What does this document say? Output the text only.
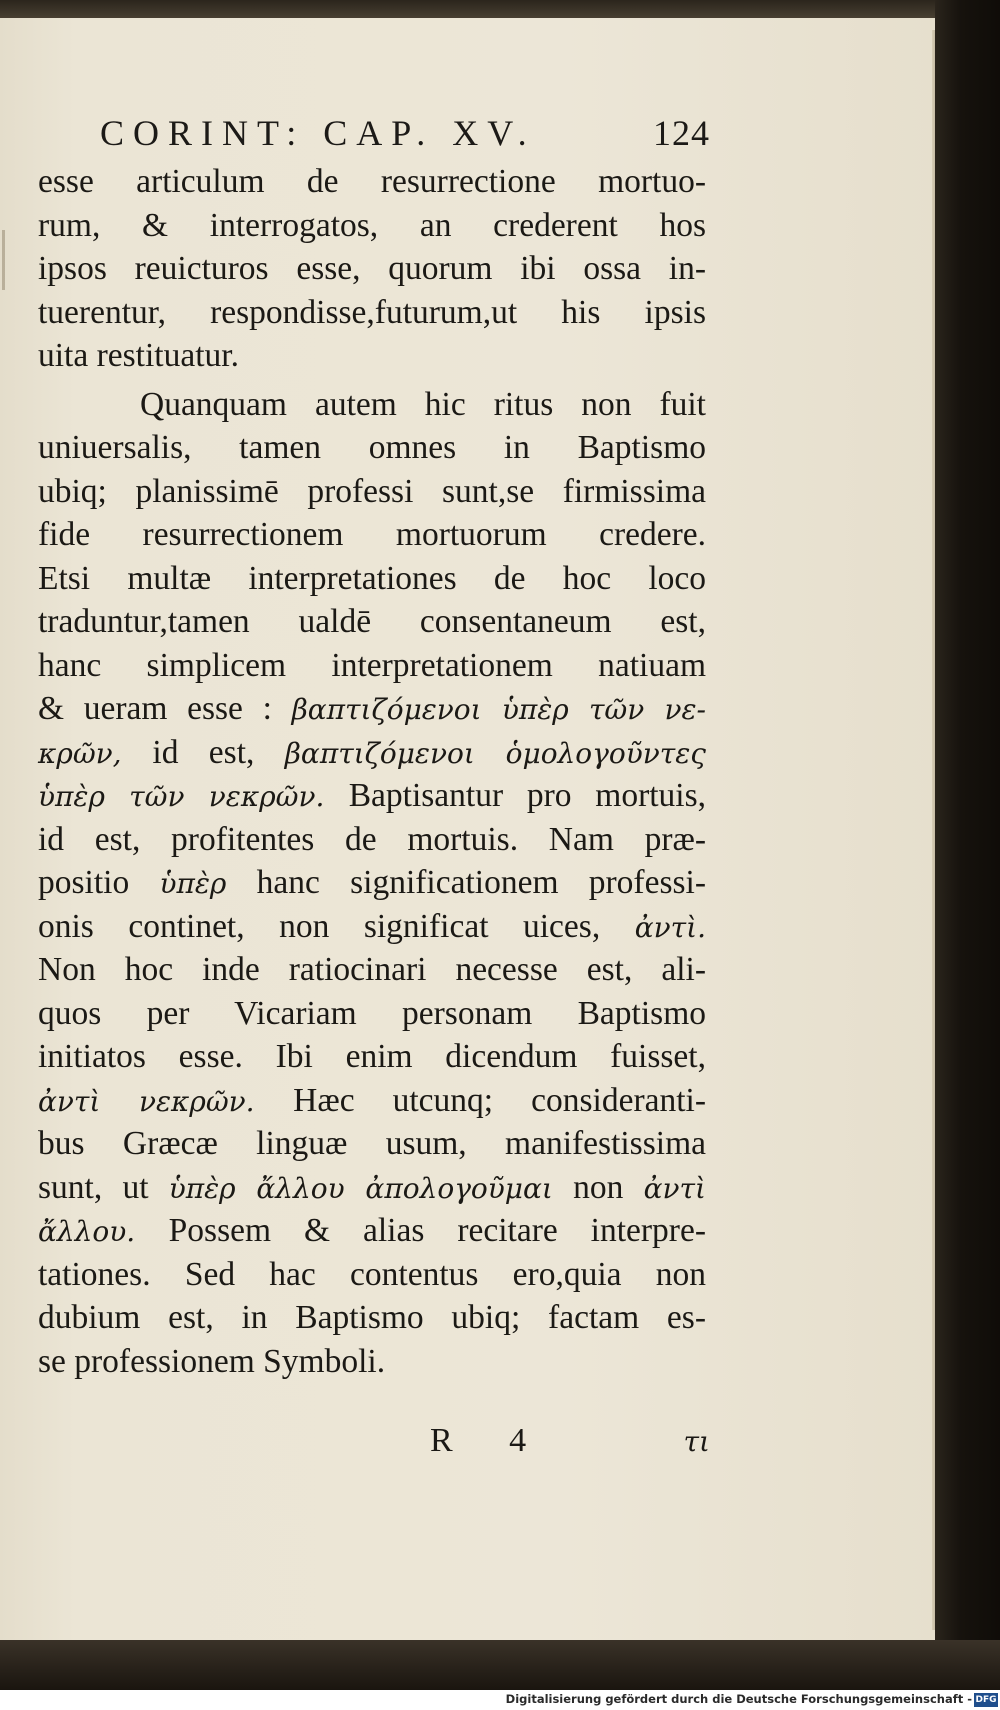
CORINT: CAP. XV.	124
esse articulum de resurrectione mortuo-
rum, & interrogatos, an crederent hos
ipsos reuicturos esse, quorum ibi ossa in-
tuerentur, respondisse,futurum,ut his ipsis
uita restituatur.
Quanquam autem hic ritus non fuit
uniuersalis, tamen omnes in Baptismo
ubiq; planissimē professi sunt,se firmissima
fide resurrectionem mortuorum credere.
Etsi multæ interpretationes de hoc loco
traduntur,tamen ualdē consentaneum est,
hanc simplicem interpretationem natiuam
& ueram esse : βαπτιζόμενοι ὑπὲρ τῶν νε-
κρῶν, id est, βαπτιζόμενοι ὁμολογοῦντες
ὑπὲρ τῶν νεκρῶν. Baptisantur pro mortuis,
id est, profitentes de mortuis. Nam præ-
positio ὑπὲρ hanc significationem professi-
onis continet, non significat uices, ἀντὶ.
Non hoc inde ratiocinari necesse est, ali-
quos per Vicariam personam Baptismo
initiatos esse. Ibi enim dicendum fuisset,
ἀντὶ νεκρῶν. Hæc utcunq; consideranti-
bus Græcæ linguæ usum, manifestissima
sunt, ut ὑπὲρ ἄλλου ἀπολογοῦμαι non ἀντὶ
ἄλλου. Possem & alias recitare interpre-
tationes. Sed hac contentus ero,quia non
dubium est, in Baptismo ubiq; factam es-
se professionem Symboli.
R 4	τι
Digitalisierung gefördert durch die Deutsche Forschungsgemeinschaft - DFG
